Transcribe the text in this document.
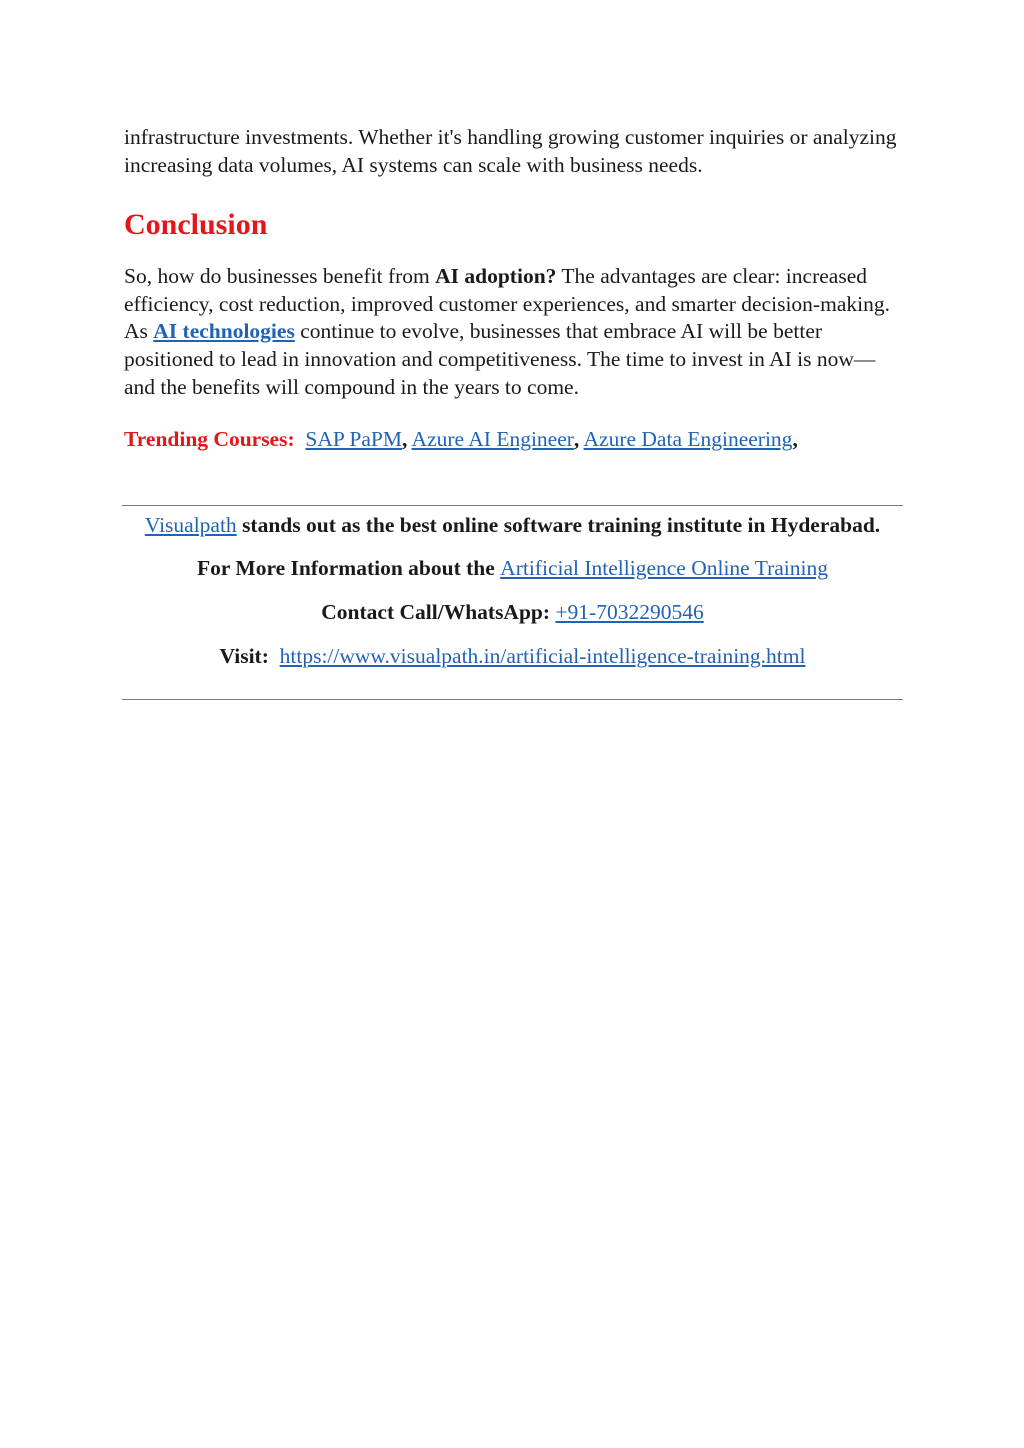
infrastructure investments. Whether it's handling growing customer inquiries or analyzing increasing data volumes, AI systems can scale with business needs.

Conclusion

So, how do businesses benefit from AI adoption? The advantages are clear: increased efficiency, cost reduction, improved customer experiences, and smarter decision-making. As AI technologies continue to evolve, businesses that embrace AI will be better positioned to lead in innovation and competitiveness. The time to invest in AI is now—and the benefits will compound in the years to come.

Trending Courses: SAP PaPM, Azure AI Engineer, Azure Data Engineering,

Visualpath stands out as the best online software training institute in Hyderabad.

For More Information about the Artificial Intelligence Online Training

Contact Call/WhatsApp: +91-7032290546

Visit: https://www.visualpath.in/artificial-intelligence-training.html
